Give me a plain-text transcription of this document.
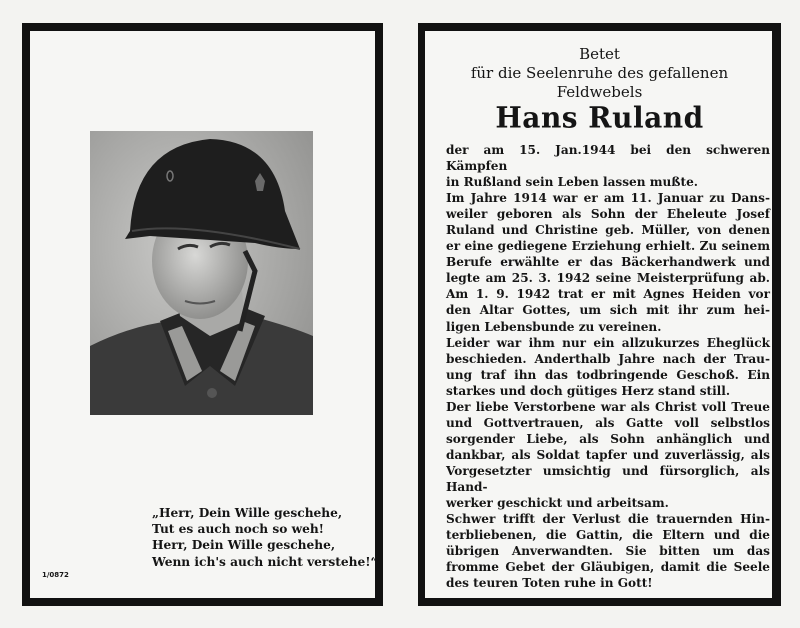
„Herr, Dein Wille geschehe,
Tut es auch noch so weh!
Herr, Dein Wille geschehe,
Wenn ich's auch nicht verstehe!“
1/0872
Betet
für die Seelenruhe des gefallenen
Feldwebels
Hans Ruland

der am 15. Jan.1944 bei den schweren Kämpfen

in Rußland sein Leben lassen mußte.

Im Jahre 1914 war er am 11. Januar zu Dans-

weiler geboren als Sohn der Eheleute Josef

Ruland und Christine geb. Müller, von denen

er eine gediegene Erziehung erhielt. Zu seinem

Berufe erwählte er das Bäckerhandwerk und

legte am 25. 3. 1942 seine Meisterprüfung ab.

Am 1. 9. 1942 trat er mit Agnes Heiden vor

den Altar Gottes, um sich mit ihr zum hei-

ligen Lebensbunde zu vereinen.

Leider war ihm nur ein allzukurzes Eheglück

beschieden. Anderthalb Jahre nach der Trau-

ung traf ihn das todbringende Geschoß. Ein

starkes und doch gütiges Herz stand still.

Der liebe Verstorbene war als Christ voll Treue

und Gottvertrauen, als Gatte voll selbstlos

sorgender Liebe, als Sohn anhänglich und

dankbar, als Soldat tapfer und zuverlässig, als

Vorgesetzter umsichtig und fürsorglich, als Hand-

werker geschickt und arbeitsam.

Schwer trifft der Verlust die trauernden Hin-

terbliebenen, die Gattin, die Eltern und die

übrigen Anverwandten. Sie bitten um das

fromme Gebet der Gläubigen, damit die Seele

des teuren Toten ruhe in Gott!
